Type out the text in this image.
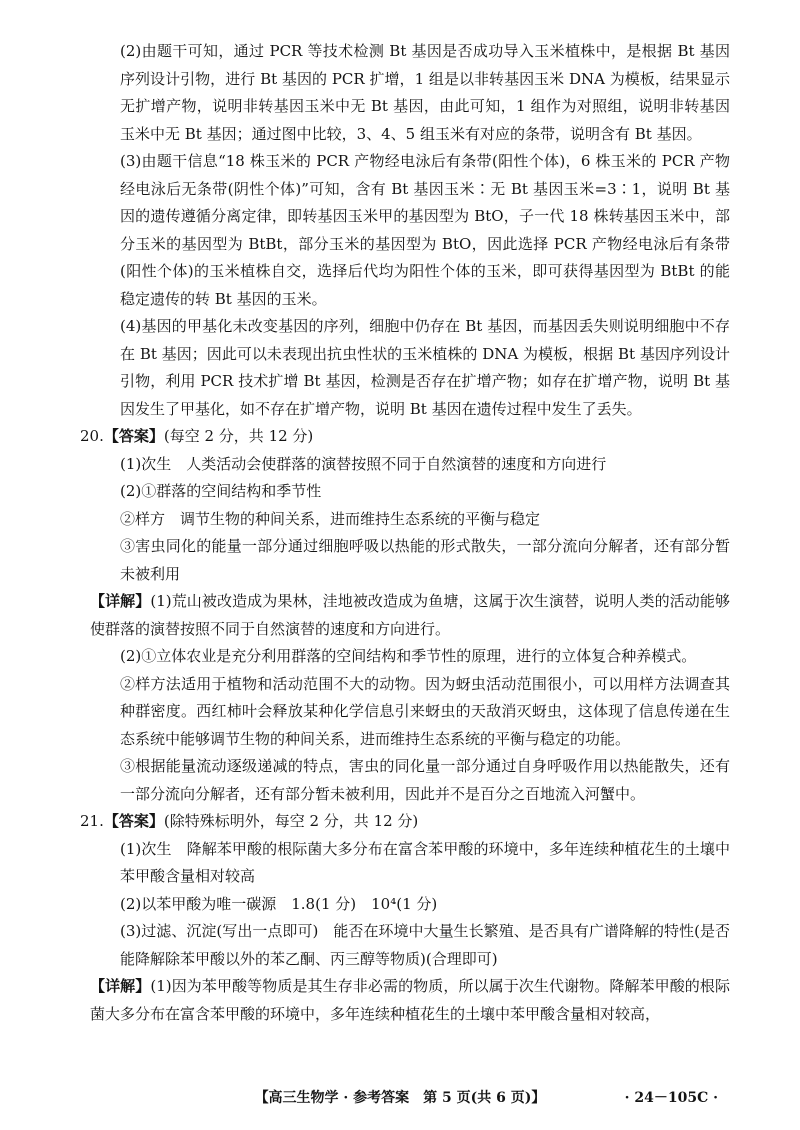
(2)由题干可知，通过 PCR 等技术检测 Bt 基因是否成功导入玉米植株中，是根据 Bt 基因序列设计引物，进行 Bt 基因的 PCR 扩增，1 组是以非转基因玉米 DNA 为模板，结果显示无扩增产物，说明非转基因玉米中无 Bt 基因，由此可知，1 组作为对照组，说明非转基因玉米中无 Bt 基因；通过图中比较，3、4、5 组玉米有对应的条带，说明含有 Bt 基因。

(3)由题干信息“18 株玉米的 PCR 产物经电泳后有条带(阳性个体)，6 株玉米的 PCR 产物经电泳后无条带(阴性个体)”可知，含有 Bt 基因玉米∶无 Bt 基因玉米=3∶1，说明 Bt 基因的遗传遵循分离定律，即转基因玉米甲的基因型为 BtO，子一代 18 株转基因玉米中，部分玉米的基因型为 BtBt，部分玉米的基因型为 BtO，因此选择 PCR 产物经电泳后有条带(阳性个体)的玉米植株自交，选择后代均为阳性个体的玉米，即可获得基因型为 BtBt 的能稳定遗传的转 Bt 基因的玉米。

(4)基因的甲基化未改变基因的序列，细胞中仍存在 Bt 基因，而基因丢失则说明细胞中不存在 Bt 基因；因此可以未表现出抗虫性状的玉米植株的 DNA 为模板，根据 Bt 基因序列设计引物，利用 PCR 技术扩增 Bt 基因，检测是否存在扩增产物；如存在扩增产物，说明 Bt 基因发生了甲基化，如不存在扩增产物，说明 Bt 基因在遗传过程中发生了丢失。

20.【答案】(每空 2 分，共 12 分)

(1)次生　人类活动会使群落的演替按照不同于自然演替的速度和方向进行

(2)①群落的空间结构和季节性

②样方　调节生物的种间关系，进而维持生态系统的平衡与稳定

③害虫同化的能量一部分通过细胞呼吸以热能的形式散失，一部分流向分解者，还有部分暂未被利用

【详解】(1)荒山被改造成为果林，洼地被改造成为鱼塘，这属于次生演替，说明人类的活动能够使群落的演替按照不同于自然演替的速度和方向进行。

(2)①立体农业是充分利用群落的空间结构和季节性的原理，进行的立体复合种养模式。

②样方法适用于植物和活动范围不大的动物。因为蚜虫活动范围很小，可以用样方法调查其种群密度。西红柿叶会释放某种化学信息引来蚜虫的天敌消灭蚜虫，这体现了信息传递在生态系统中能够调节生物的种间关系，进而维持生态系统的平衡与稳定的功能。

③根据能量流动逐级递减的特点，害虫的同化量一部分通过自身呼吸作用以热能散失，还有一部分流向分解者，还有部分暂未被利用，因此并不是百分之百地流入河蟹中。

21.【答案】(除特殊标明外，每空 2 分，共 12 分)

(1)次生　降解苯甲酸的根际菌大多分布在富含苯甲酸的环境中，多年连续种植花生的土壤中苯甲酸含量相对较高

(2)以苯甲酸为唯一碳源　1.8(1 分)　10⁴(1 分)

(3)过滤、沉淀(写出一点即可)　能否在环境中大量生长繁殖、是否具有广谱降解的特性(是否能降解除苯甲酸以外的苯乙酮、丙三醇等物质)(合理即可)

【详解】(1)因为苯甲酸等物质是其生存非必需的物质，所以属于次生代谢物。降解苯甲酸的根际菌大多分布在富含苯甲酸的环境中，多年连续种植花生的土壤中苯甲酸含量相对较高，

【高三生物学 · 参考答案　第 5 页(共 6 页)】	· 24－105C ·
